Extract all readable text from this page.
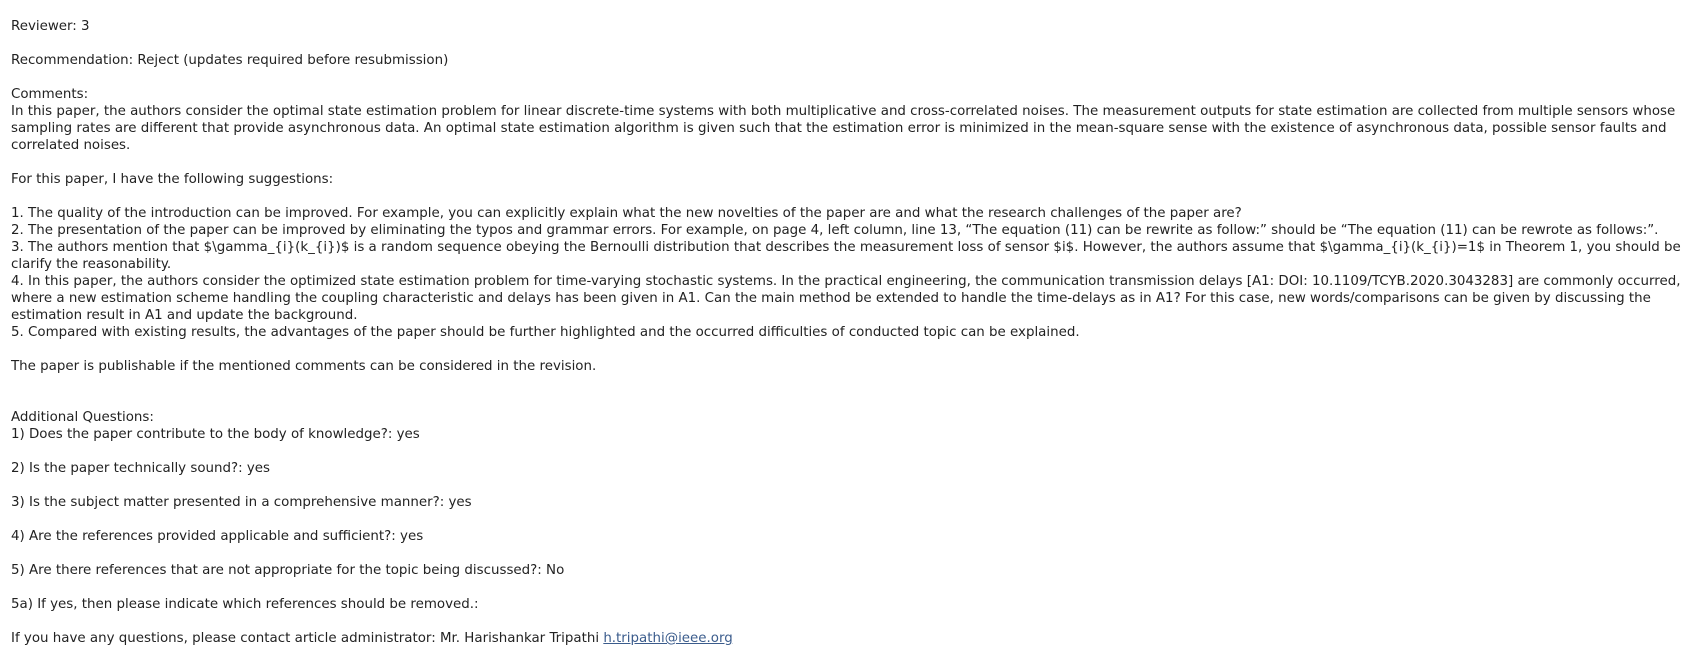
Reviewer: 3
Recommendation: Reject (updates required before resubmission)
Comments:
In this paper, the authors consider the optimal state estimation problem for linear discrete-time systems with both multiplicative and cross-correlated noises. The measurement outputs for state estimation are collected from multiple sensors whose sampling rates are different that provide asynchronous data. An optimal state estimation algorithm is given such that the estimation error is minimized in the mean-square sense with the existence of asynchronous data, possible sensor faults and correlated noises.
For this paper, I have the following suggestions:
1. The quality of the introduction can be improved. For example, you can explicitly explain what the new novelties of the paper are and what the research challenges of the paper are?
2. The presentation of the paper can be improved by eliminating the typos and grammar errors. For example, on page 4, left column, line 13, “The equation (11) can be rewrite as follow:” should be “The equation (11) can be rewrote as follows:”.
3. The authors mention that $\gamma_{i}(k_{i})$ is a random sequence obeying the Bernoulli distribution that describes the measurement loss of sensor $i$. However, the authors assume that $\gamma_{i}(k_{i})=1$ in Theorem 1, you should be clarify the reasonability.
4. In this paper, the authors consider the optimized state estimation problem for time-varying stochastic systems. In the practical engineering, the communication transmission delays [A1: DOI: 10.1109/TCYB.2020.3043283] are commonly occurred, where a new estimation scheme handling the coupling characteristic and delays has been given in A1. Can the main method be extended to handle the time-delays as in A1? For this case, new words/comparisons can be given by discussing the estimation result in A1 and update the background.
5. Compared with existing results, the advantages of the paper should be further highlighted and the occurred difficulties of conducted topic can be explained.
The paper is publishable if the mentioned comments can be considered in the revision.
Additional Questions:
1) Does the paper contribute to the body of knowledge?: yes
2) Is the paper technically sound?: yes
3) Is the subject matter presented in a comprehensive manner?: yes
4) Are the references provided applicable and sufficient?: yes
5) Are there references that are not appropriate for the topic being discussed?: No
5a) If yes, then please indicate which references should be removed.:
If you have any questions, please contact article administrator: Mr. Harishankar Tripathi h.tripathi@ieee.org
